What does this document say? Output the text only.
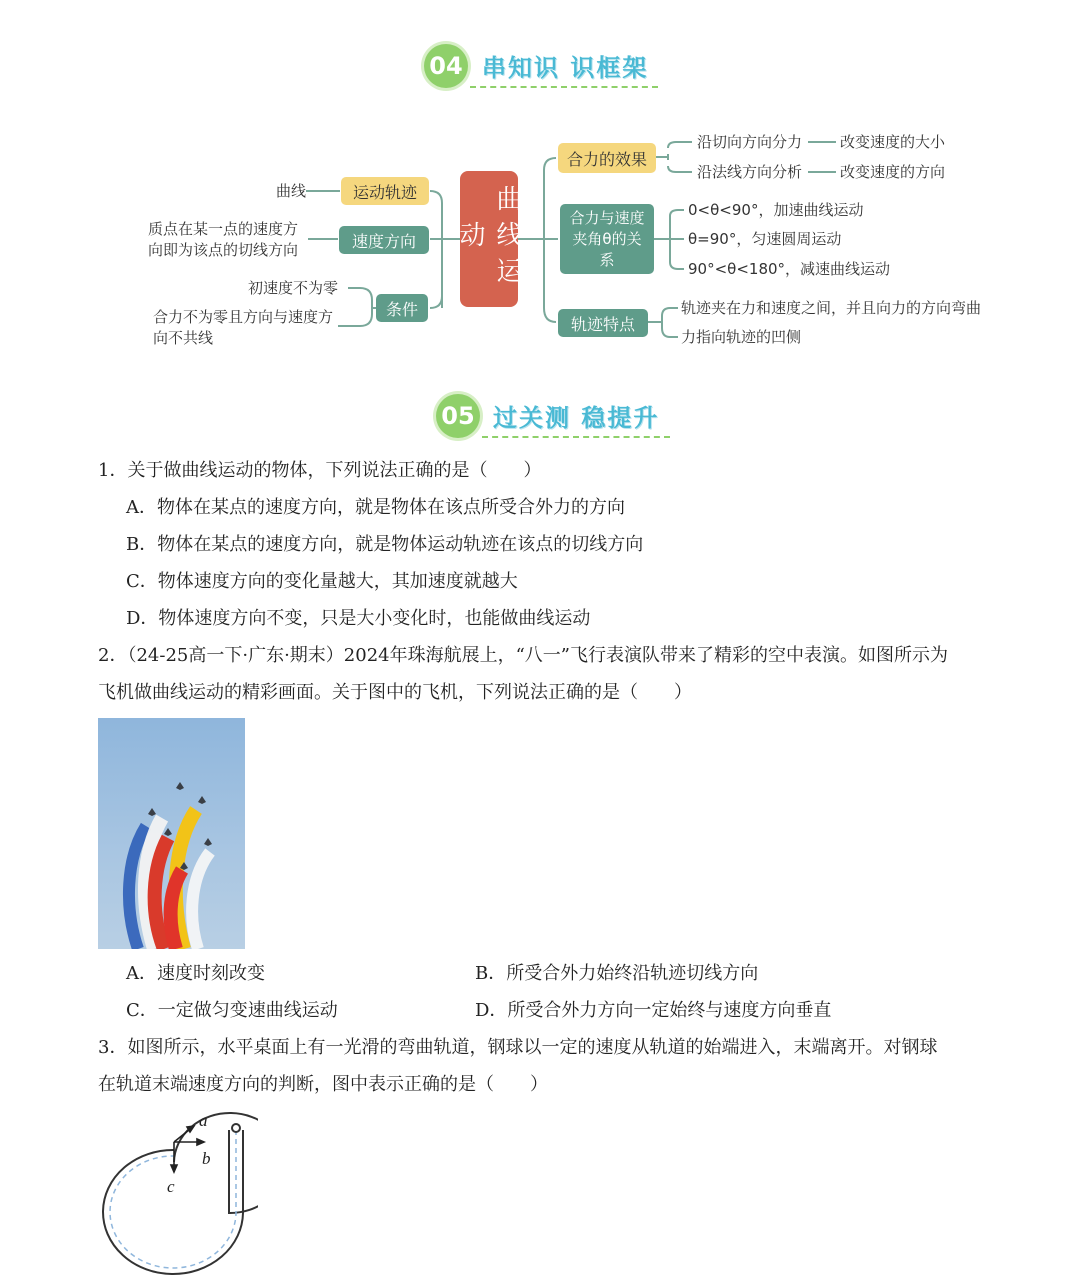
04 串知识 识框架
曲线运动
运动轨迹
曲线
速度方向
质点在某一点的速度方向即为该点的切线方向
条件
初速度不为零
合力不为零且方向与速度方向不共线
合力的效果
沿切向方向分力	改变速度的大小
沿法线方向分析	改变速度的方向
合力与速度夹角θ的关系
0<θ<90°，加速曲线运动
θ=90°，匀速圆周运动
90°<θ<180°，减速曲线运动
轨迹特点
轨迹夹在力和速度之间，并且向力的方向弯曲
力指向轨迹的凹侧
05 过关测 稳提升
1．关于做曲线运动的物体，下列说法正确的是（　　）
A．物体在某点的速度方向，就是物体在该点所受合外力的方向
B．物体在某点的速度方向，就是物体运动轨迹在该点的切线方向
C．物体速度方向的变化量越大，其加速度就越大
D．物体速度方向不变，只是大小变化时，也能做曲线运动
2．（24-25高一下·广东·期末）2024年珠海航展上，“八一”飞行表演队带来了精彩的空中表演。如图所示为
飞机做曲线运动的精彩画面。关于图中的飞机，下列说法正确的是（　　）
A．速度时刻改变	B．所受合外力始终沿轨迹切线方向
C．一定做匀变速曲线运动	D．所受合外力方向一定始终与速度方向垂直
3．如图所示，水平桌面上有一光滑的弯曲轨道，钢球以一定的速度从轨道的始端进入，末端离开。对钢球
在轨道末端速度方向的判断，图中表示正确的是（　　）
a
b
c
